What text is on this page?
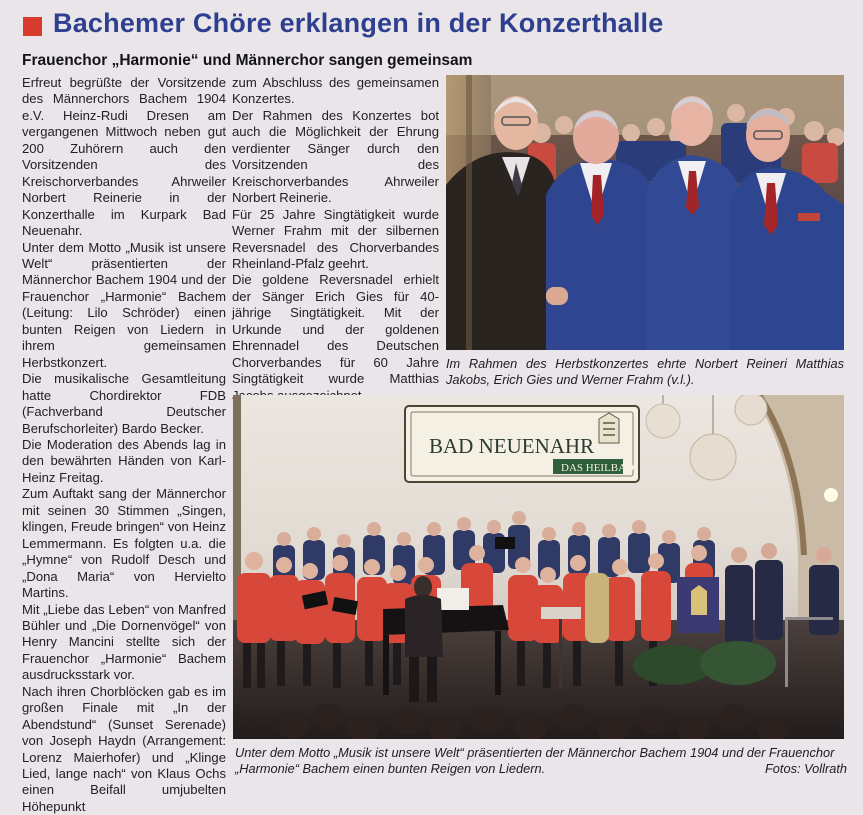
Bachemer Chöre erklangen in der Konzerthalle
Frauenchor „Harmonie“ und Männerchor sangen gemeinsam

Erfreut begrüßte der Vorsitzende des Männerchors Bachem 1904 e.V. Heinz-Rudi Dresen am vergangenen Mittwoch neben gut 200 Zuhörern auch den Vorsitzenden des Kreischorverbandes Ahrweiler Norbert Reinerie in der Konzerthalle im Kurpark Bad Neuenahr.

Unter dem Motto „Musik ist unsere Welt“ präsentierten der Männerchor Bachem 1904 und der Frauenchor „Harmonie“ Bachem (Leitung: Lilo Schröder) einen bunten Reigen von Liedern in ihrem gemeinsamen Herbstkonzert.

Die musikalische Gesamtleitung hatte Chordirektor FDB (Fachverband Deutscher Berufschorleiter) Bardo Becker.

Die Moderation des Abends lag in den bewährten Händen von Karl-Heinz Freitag.

Zum Auftakt sang der Männerchor mit seinen 30 Stimmen „Singen, klingen, Freude bringen“ von Heinz Lemmermann. Es folgten u.a. die „Hymne“ von Rudolf Desch und „Dona Maria“ von Hervielto Martins.

Mit „Liebe das Leben“ von Manfred Bühler und „Die Dornenvögel“ von Henry Mancini stellte sich der Frauenchor „Harmonie“ Bachem ausdrucksstark vor.

Nach ihren Chorblöcken gab es im großen Finale mit „In der Abendstund“ (Sunset Serenade) von Joseph Haydn (Arrangement: Lorenz Maierhofer) und „Klinge Lied, lange nach“ von Klaus Ochs einen Beifall umjubelten Höhepunkt

zum Abschluss des gemeinsamen Konzertes.

Der Rahmen des Konzertes bot auch die Möglichkeit der Ehrung verdienter Sänger durch den Vorsitzenden des Kreischorverbandes Ahrweiler Norbert Reinerie.

Für 25 Jahre Singtätigkeit wurde Werner Frahm mit der silbernen Reversnadel des Chorverbandes Rheinland-Pfalz geehrt.

Die goldene Reversnadel erhielt der Sänger Erich Gies für 40-jährige Singtätigkeit. Mit der Urkunde und der goldenen Ehrennadel des Deutschen Chorverbandes für 60 Jahre Singtätigkeit wurde Matthias

Im Rahmen des Herbstkonzertes ehrte Norbert Reineri Matthias Jakobs, Erich Gies und Werner Frahm (v.l.).
BAD NEUENAHR
DAS HEILBAD
Unter dem Motto „Musik ist unsere Welt“ präsentierten der Männerchor Bachem 1904 und der Frauenchor „Harmonie“ Bachem einen bunten Reigen von Liedern.	Fotos: Vollrath
